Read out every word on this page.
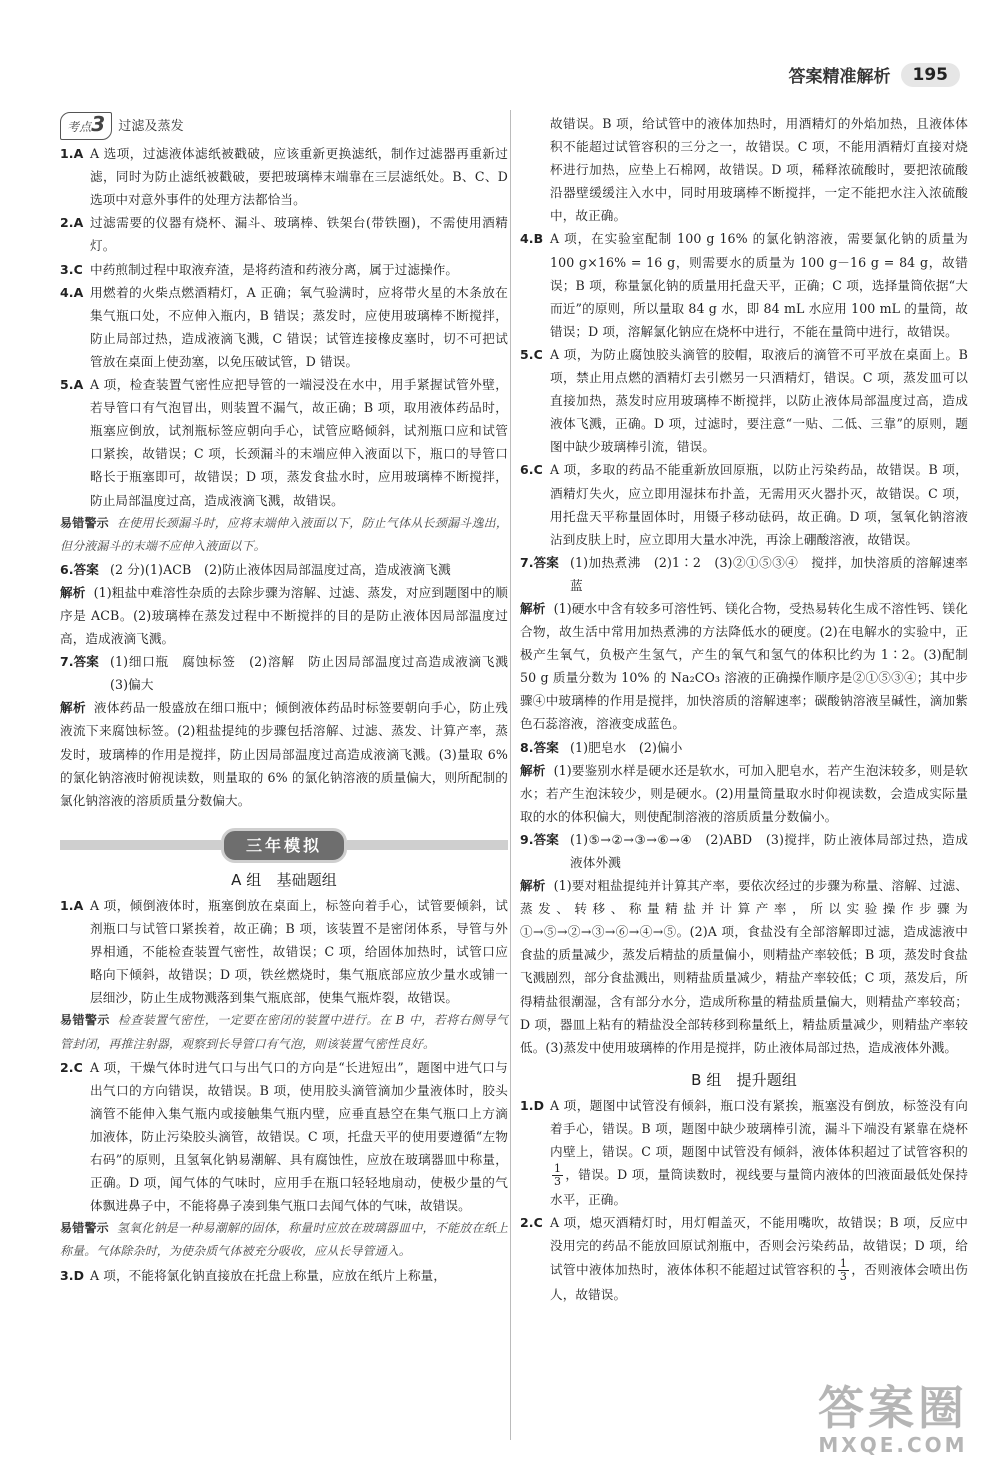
答案精准解析	195
考点3	过滤及蒸发
1.A A 选项，过滤液体滤纸被戳破，应该重新更换滤纸，制作过滤器再重新过滤，同时为防止滤纸被戳破，要把玻璃棒末端靠在三层滤纸处。B、C、D 选项中对意外事件的处理方法都恰当。
2.A 过滤需要的仪器有烧杯、漏斗、玻璃棒、铁架台(带铁圈)，不需使用酒精灯。
3.C 中药煎制过程中取液弃渣，是将药渣和药液分离，属于过滤操作。
4.A 用燃着的火柴点燃酒精灯，A 正确；氧气验满时，应将带火星的木条放在集气瓶口处，不应伸入瓶内，B 错误；蒸发时，应使用玻璃棒不断搅拌，防止局部过热，造成液滴飞溅，C 错误；试管连接橡皮塞时，切不可把试管放在桌面上使劲塞，以免压破试管，D 错误。
5.A A 项，检查装置气密性应把导管的一端浸没在水中，用手紧握试管外壁，若导管口有气泡冒出，则装置不漏气，故正确；B 项，取用液体药品时，瓶塞应倒放，试剂瓶标签应朝向手心，试管应略倾斜，试剂瓶口应和试管口紧挨，故错误；C 项，长颈漏斗的末端应伸入液面以下，瓶口的导管口略长于瓶塞即可，故错误；D 项，蒸发食盐水时，应用玻璃棒不断搅拌，防止局部温度过高，造成液滴飞溅，故错误。
易错警示 在使用长颈漏斗时，应将末端伸入液面以下，防止气体从长颈漏斗逸出，但分液漏斗的末端不应伸入液面以下。
6.答案 (2 分)(1)ACB　(2)防止液体因局部温度过高，造成液滴飞溅
解析 (1)粗盐中难溶性杂质的去除步骤为溶解、过滤、蒸发，对应到题图中的顺序是 ACB。(2)玻璃棒在蒸发过程中不断搅拌的目的是防止液体因局部温度过高，造成液滴飞溅。
7.答案 (1)细口瓶　腐蚀标签　(2)溶解　防止因局部温度过高造成液滴飞溅　(3)偏大
解析 液体药品一般盛放在细口瓶中；倾倒液体药品时标签要朝向手心，防止残液流下来腐蚀标签。(2)粗盐提纯的步骤包括溶解、过滤、蒸发、计算产率，蒸发时，玻璃棒的作用是搅拌，防止因局部温度过高造成液滴飞溅。(3)量取 6% 的氯化钠溶液时俯视读数，则量取的 6% 的氯化钠溶液的质量偏大，则所配制的氯化钠溶液的溶质质量分数偏大。
三年模拟
A 组　基础题组
1.A A 项，倾倒液体时，瓶塞倒放在桌面上，标签向着手心，试管要倾斜，试剂瓶口与试管口紧挨着，故正确；B 项，该装置不是密闭体系，导管与外界相通，不能检查装置气密性，故错误；C 项，给固体加热时，试管口应略向下倾斜，故错误；D 项，铁丝燃烧时，集气瓶底部应放少量水或铺一层细沙，防止生成物溅落到集气瓶底部，使集气瓶炸裂，故错误。
易错警示 检查装置气密性，一定要在密闭的装置中进行。在 B 中，若将右侧导气管封闭，再推注射器，观察到长导管口有气泡，则该装置气密性良好。
2.C A 项，干燥气体时进气口与出气口的方向是“长进短出”，题图中进气口与出气口的方向错误，故错误。B 项，使用胶头滴管滴加少量液体时，胶头滴管不能伸入集气瓶内或接触集气瓶内壁，应垂直悬空在集气瓶口上方滴加液体，防止污染胶头滴管，故错误。C 项，托盘天平的使用要遵循“左物右码”的原则，且氢氧化钠易潮解、具有腐蚀性，应放在玻璃器皿中称量，正确。D 项，闻气体的气味时，应用手在瓶口轻轻地扇动，使极少量的气体飘进鼻子中，不能将鼻子凑到集气瓶口去闻气体的气味，故错误。
易错警示 氢氧化钠是一种易潮解的固体，称量时应放在玻璃器皿中，不能放在纸上称量。气体除杂时，为使杂质气体被充分吸收，应从长导管通入。
3.D A 项，不能将氯化钠直接放在托盘上称量，应放在纸片上称量，
故错误。B 项，给试管中的液体加热时，用酒精灯的外焰加热，且液体体积不能超过试管容积的三分之一，故错误。C 项，不能用酒精灯直接对烧杯进行加热，应垫上石棉网，故错误。D 项，稀释浓硫酸时，要把浓硫酸沿器壁缓缓注入水中，同时用玻璃棒不断搅拌，一定不能把水注入浓硫酸中，故正确。
4.B A 项，在实验室配制 100 g 16% 的氯化钠溶液，需要氯化钠的质量为 100 g×16% = 16 g，则需要水的质量为 100 g－16 g = 84 g，故错误；B 项，称量氯化钠的质量用托盘天平，正确；C 项，选择量筒依据“大而近”的原则，所以量取 84 g 水，即 84 mL 水应用 100 mL 的量筒，故错误；D 项，溶解氯化钠应在烧杯中进行，不能在量筒中进行，故错误。
5.C A 项，为防止腐蚀胶头滴管的胶帽，取液后的滴管不可平放在桌面上。B 项，禁止用点燃的酒精灯去引燃另一只酒精灯，错误。C 项，蒸发皿可以直接加热，蒸发时应用玻璃棒不断搅拌，以防止液体局部温度过高，造成液体飞溅，正确。D 项，过滤时，要注意“一贴、二低、三靠”的原则，题图中缺少玻璃棒引流，错误。
6.C A 项，多取的药品不能重新放回原瓶，以防止污染药品，故错误。B 项，酒精灯失火，应立即用湿抹布扑盖，无需用灭火器扑灭，故错误。C 项，用托盘天平称量固体时，用镊子移动砝码，故正确。D 项，氢氧化钠溶液沾到皮肤上时，应立即用大量水冲洗，再涂上硼酸溶液，故错误。
7.答案 (1)加热煮沸　(2)1∶2　(3)②①⑤③④　搅拌，加快溶质的溶解速率　蓝
解析 (1)硬水中含有较多可溶性钙、镁化合物，受热易转化生成不溶性钙、镁化合物，故生活中常用加热煮沸的方法降低水的硬度。(2)在电解水的实验中，正极产生氧气，负极产生氢气，产生的氧气和氢气的体积比约为 1∶2。(3)配制 50 g 质量分数为 10% 的 Na₂CO₃ 溶液的正确操作顺序是②①⑤③④；其中步骤④中玻璃棒的作用是搅拌，加快溶质的溶解速率；碳酸钠溶液呈碱性，滴加紫色石蕊溶液，溶液变成蓝色。
8.答案 (1)肥皂水　(2)偏小
解析 (1)要鉴别水样是硬水还是软水，可加入肥皂水，若产生泡沫较多，则是软水；若产生泡沫较少，则是硬水。(2)用量筒量取水时仰视读数，会造成实际量取的水的体积偏大，则使配制溶液的溶质质量分数偏小。
9.答案 (1)⑤→②→③→⑥→④　(2)ABD　(3)搅拌，防止液体局部过热，造成液体外溅
解析 (1)要对粗盐提纯并计算其产率，要依次经过的步骤为称量、溶解、过滤、蒸发、转移、称量精盐并计算产率，所以实验操作步骤为①→⑤→②→③→⑥→④→⑤。(2)A 项，食盐没有全部溶解即过滤，造成滤液中食盐的质量减少，蒸发后精盐的质量偏小，则精盐产率较低；B 项，蒸发时食盐飞溅剧烈，部分食盐溅出，则精盐质量减少，精盐产率较低；C 项，蒸发后，所得精盐很潮湿，含有部分水分，造成所称量的精盐质量偏大，则精盐产率较高；D 项，器皿上粘有的精盐没全部转移到称量纸上，精盐质量减少，则精盐产率较低。(3)蒸发中使用玻璃棒的作用是搅拌，防止液体局部过热，造成液体外溅。
B 组　提升题组
1.D A 项，题图中试管没有倾斜，瓶口没有紧挨，瓶塞没有倒放，标签没有向着手心，错误。B 项，题图中缺少玻璃棒引流，漏斗下端没有紧靠在烧杯内壁上，错误。C 项，题图中试管没有倾斜，液体体积超过了试管容积的
$\frac{1}{3}$ ，错误。D 项，量筒读数时，视线要与量筒内液体的凹液面最低处保持水平，正确。
2.C A 项，熄灭酒精灯时，用灯帽盖灭，不能用嘴吹，故错误；B 项，反应中没用完的药品不能放回原试剂瓶中，否则会污染药品，故错误；D 项，给试管中液体加热时，液体体积不能超过试管容积的 $\frac{1}{3}$ ，否则液体会喷出伤人，故错误。
答案圈
MXQE.COM
